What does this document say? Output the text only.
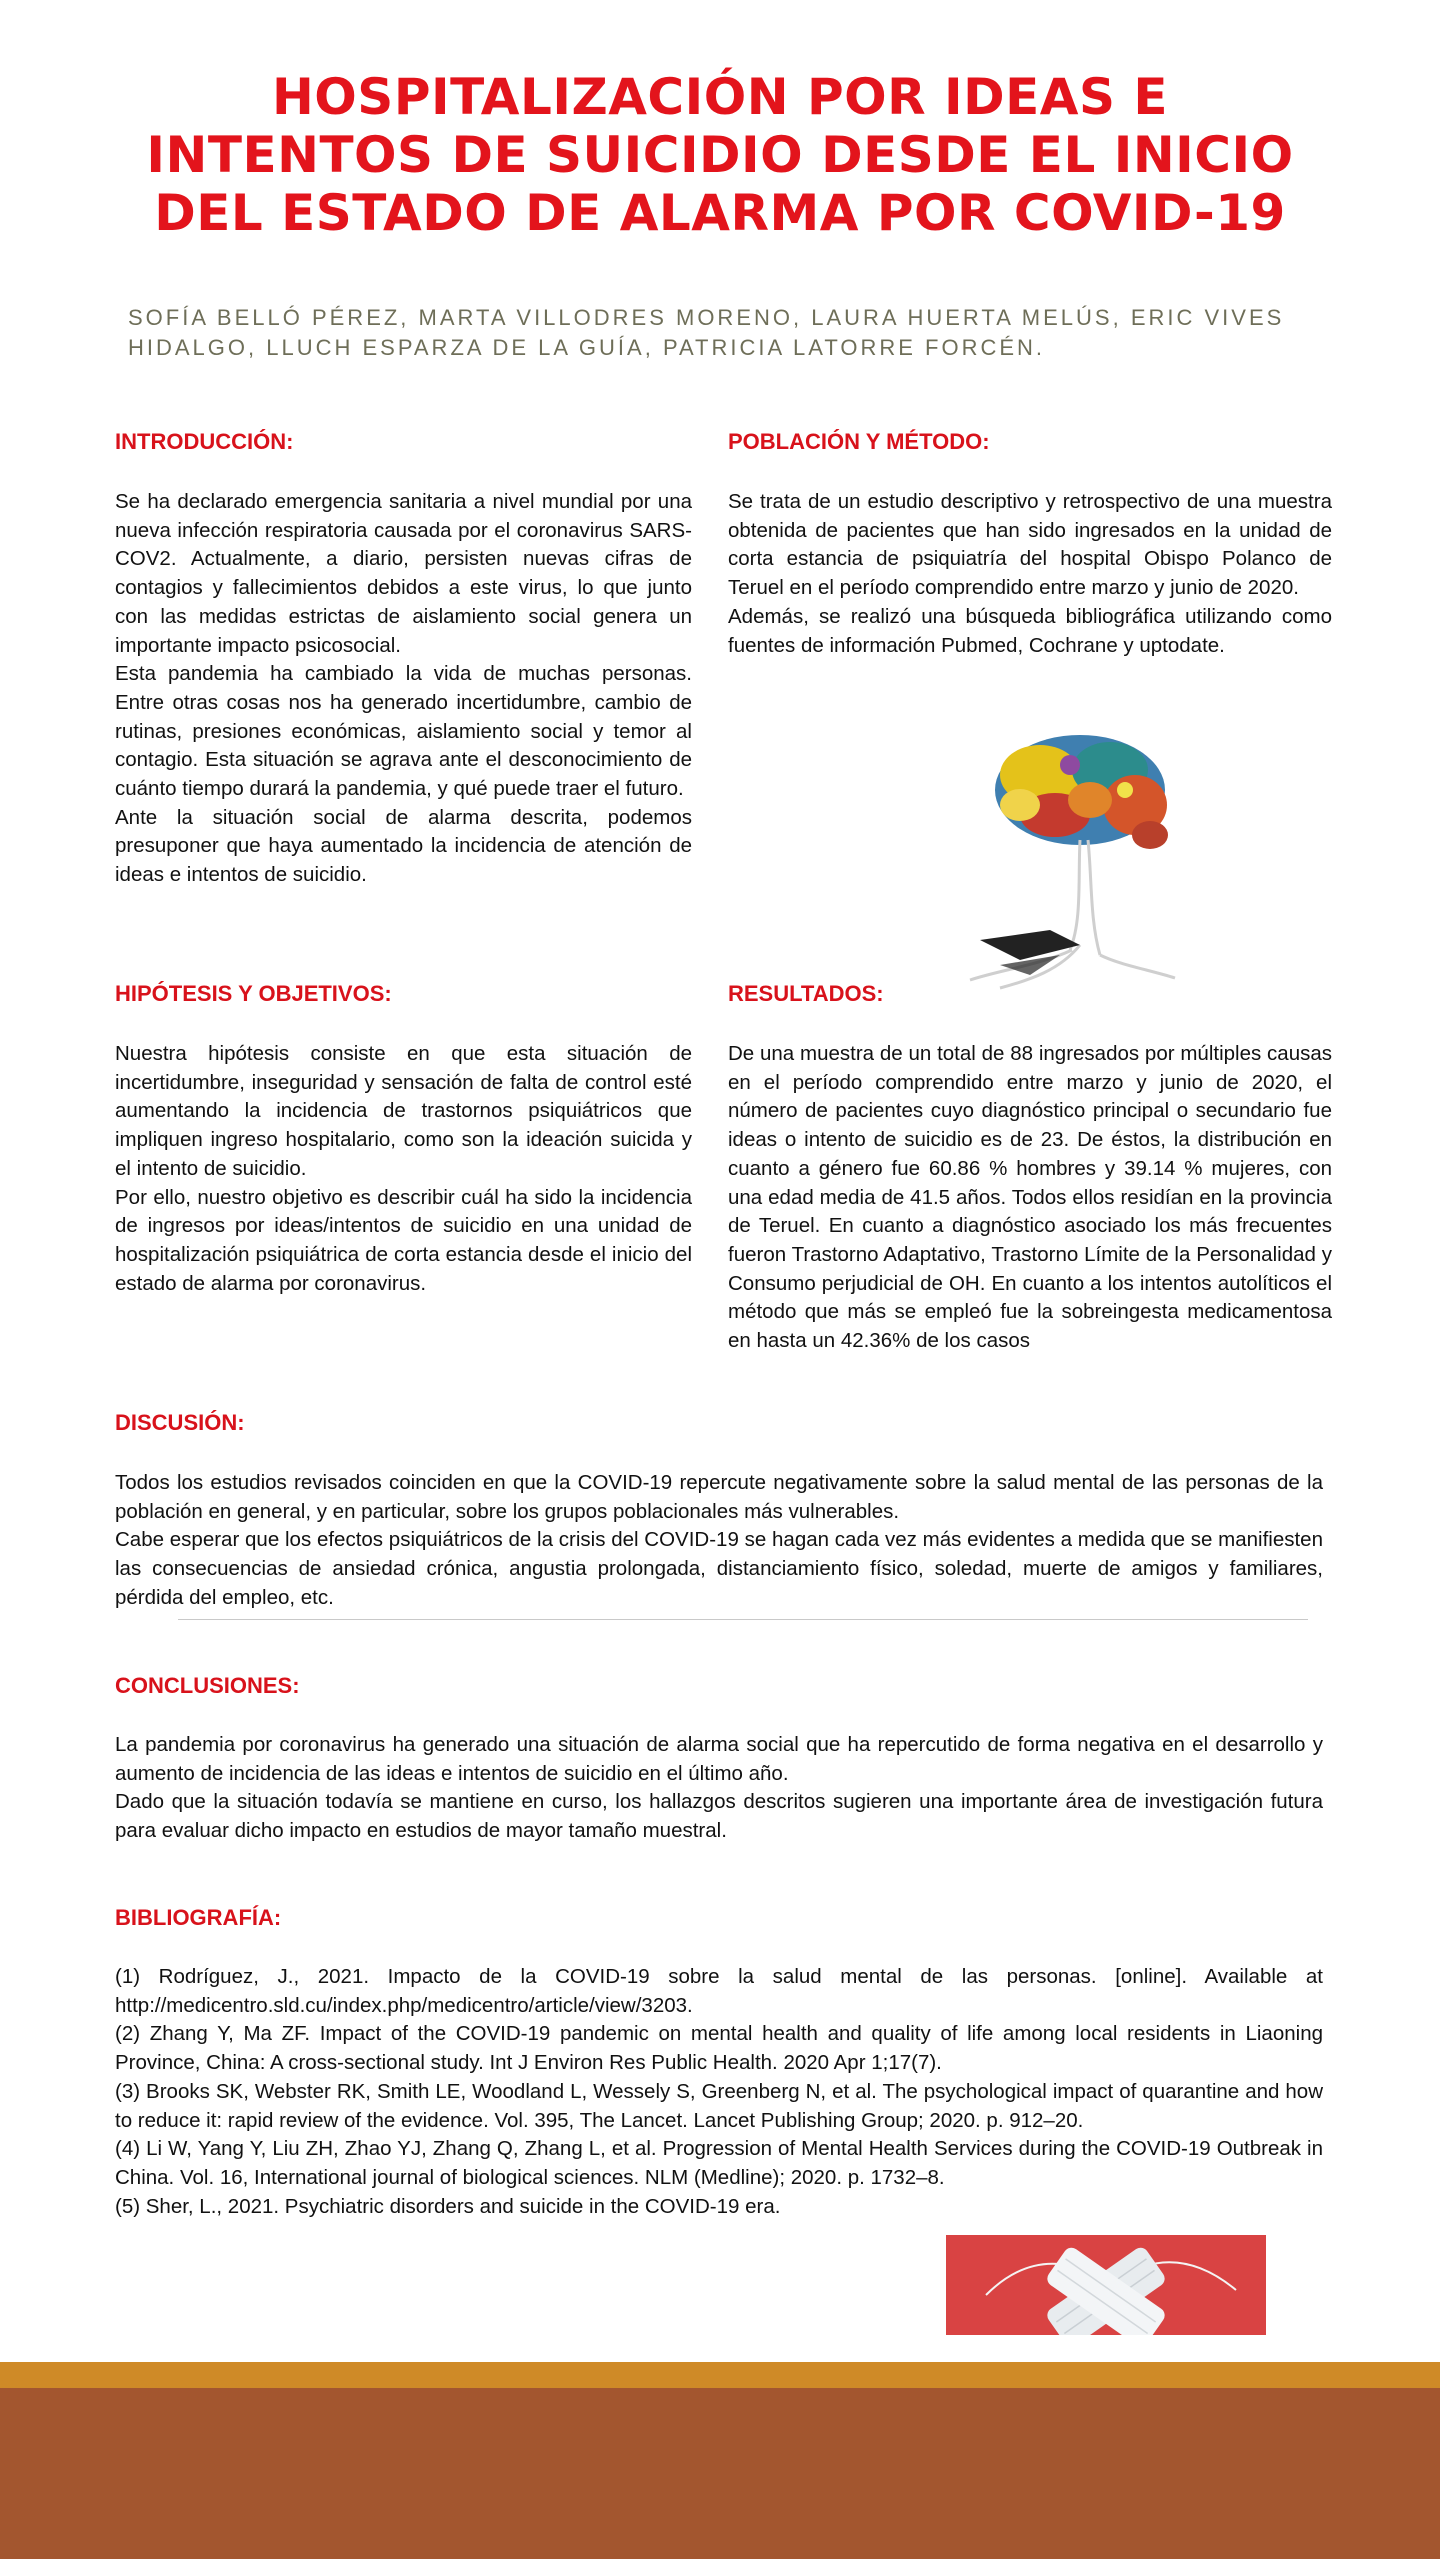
HOSPITALIZACIÓN POR IDEAS E
INTENTOS DE SUICIDIO DESDE EL INICIO
DEL ESTADO DE ALARMA POR COVID-19
SOFÍA BELLÓ PÉREZ, MARTA VILLODRES MORENO, LAURA HUERTA MELÚS, ERIC VIVES
HIDALGO, LLUCH ESPARZA DE LA GUÍA, PATRICIA LATORRE FORCÉN.
INTRODUCCIÓN:

Se ha declarado emergencia sanitaria a nivel mundial por una nueva infección respiratoria causada por el coronavirus SARS-COV2. Actualmente, a diario, persisten nuevas cifras de contagios y fallecimientos debidos a este virus, lo que junto con las medidas estrictas de aislamiento social genera un importante impacto psicosocial.

Esta pandemia ha cambiado la vida de muchas personas. Entre otras cosas nos ha generado incertidumbre, cambio de rutinas, presiones económicas, aislamiento social y temor al contagio. Esta situación se agrava ante el desconocimiento de cuánto tiempo durará la pandemia, y qué puede traer el futuro.

Ante la situación social de alarma descrita, podemos presuponer que haya aumentado la incidencia de atención de ideas e intentos de suicidio.

POBLACIÓN Y MÉTODO:

Se trata de un estudio descriptivo y retrospectivo de una muestra obtenida de pacientes que han sido ingresados en la unidad de corta estancia de psiquiatría del hospital Obispo Polanco de Teruel en el período comprendido entre marzo y junio de 2020.

Además, se realizó una búsqueda bibliográfica utilizando como fuentes de información Pubmed, Cochrane y uptodate.

HIPÓTESIS Y OBJETIVOS:

Nuestra hipótesis consiste en que esta situación de incertidumbre, inseguridad y sensación de falta de control esté aumentando la incidencia de trastornos psiquiátricos que impliquen ingreso hospitalario, como son la ideación suicida y el intento de suicidio.

Por ello, nuestro objetivo es describir cuál ha sido la incidencia de ingresos por ideas/intentos de suicidio en una unidad de hospitalización psiquiátrica de corta estancia desde el inicio del estado de alarma por coronavirus.

RESULTADOS:

De una muestra de un total de 88 ingresados por múltiples causas en el período comprendido entre marzo y junio de 2020, el número de pacientes cuyo diagnóstico principal o secundario fue ideas o intento de suicidio es de 23. De éstos, la distribución en cuanto a género fue 60.86 % hombres y 39.14 % mujeres, con una edad media de 41.5 años. Todos ellos residían en la provincia de Teruel. En cuanto a diagnóstico asociado los más frecuentes fueron Trastorno Adaptativo, Trastorno Límite de la Personalidad y Consumo perjudicial de OH. En cuanto a los intentos autolíticos el método que más se empleó fue la sobreingesta medicamentosa en hasta un 42.36% de los casos

DISCUSIÓN:

Todos los estudios revisados coinciden en que la COVID-19 repercute negativamente sobre la salud mental de las personas de la población en general, y en particular, sobre los grupos poblacionales más vulnerables.

Cabe esperar que los efectos psiquiátricos de la crisis del COVID-19 se hagan cada vez más evidentes a medida que se manifiesten las consecuencias de ansiedad crónica, angustia prolongada, distanciamiento físico, soledad, muerte de amigos y familiares, pérdida del empleo, etc.

CONCLUSIONES:

La pandemia por coronavirus ha generado una situación de alarma social que ha repercutido de forma negativa en el desarrollo y aumento de incidencia de las ideas e intentos de suicidio en el último año.

Dado que la situación todavía se mantiene en curso, los hallazgos descritos sugieren una importante área de investigación futura para evaluar dicho impacto en estudios de mayor tamaño muestral.

BIBLIOGRAFÍA:

(1) Rodríguez, J., 2021. Impacto de la COVID-19 sobre la salud mental de las personas. [online]. Available at http://medicentro.sld.cu/index.php/medicentro/article/view/3203.

(2) Zhang Y, Ma ZF. Impact of the COVID-19 pandemic on mental health and quality of life among local residents in Liaoning Province, China: A cross-sectional study. Int J Environ Res Public Health. 2020 Apr 1;17(7).

(3) Brooks SK, Webster RK, Smith LE, Woodland L, Wessely S, Greenberg N, et al. The psychological impact of quarantine and how to reduce it: rapid review of the evidence. Vol. 395, The Lancet. Lancet Publishing Group; 2020. p. 912–20.

(4) Li W, Yang Y, Liu ZH, Zhao YJ, Zhang Q, Zhang L, et al. Progression of Mental Health Services during the COVID-19 Outbreak in China. Vol. 16, International journal of biological sciences. NLM (Medline); 2020. p. 1732–8.

(5) Sher, L., 2021. Psychiatric disorders and suicide in the COVID-19 era.
